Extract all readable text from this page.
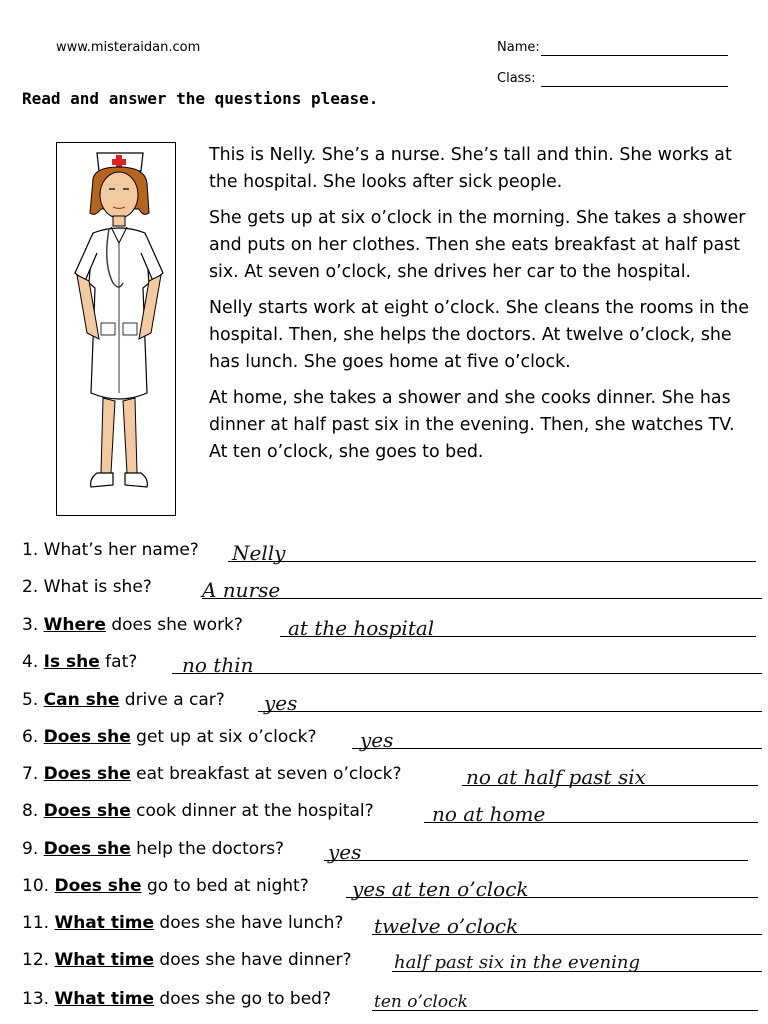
www.misteraidan.com	Name:
Class:
Read and answer the questions please.

This is Nelly. She’s a nurse. She’s tall and thin. She works at the hospital. She looks after sick people.

She gets up at six o’clock in the morning. She takes a shower and puts on her clothes. Then she eats breakfast at half past six. At seven o’clock, she drives her car to the hospital.

Nelly starts work at eight o’clock. She cleans the rooms in the hospital. Then, she helps the doctors. At twelve o’clock, she has lunch. She goes home at five o’clock.

At home, she takes a shower and she cooks dinner. She has dinner at half past six in the evening. Then, she watches TV. At ten o’clock, she goes to bed.

1. What’s her name? Nelly
2. What is she?	A nurse
3. Where does she work? at the hospital
4. Is she fat? no thin
5. Can she drive a car? yes
6. Does she get up at six o’clock? yes
7. Does she eat breakfast at seven o’clock?	no at half past six
8. Does she cook dinner at the hospital?	no at home
9. Does she help the doctors? yes
10. Does she go to bed at night? yes at ten o’clock
11. What time does she have lunch? twelve o’clock
12. What time does she have dinner? half past six in the evening
13. What time does she go to bed?	ten o’clock
